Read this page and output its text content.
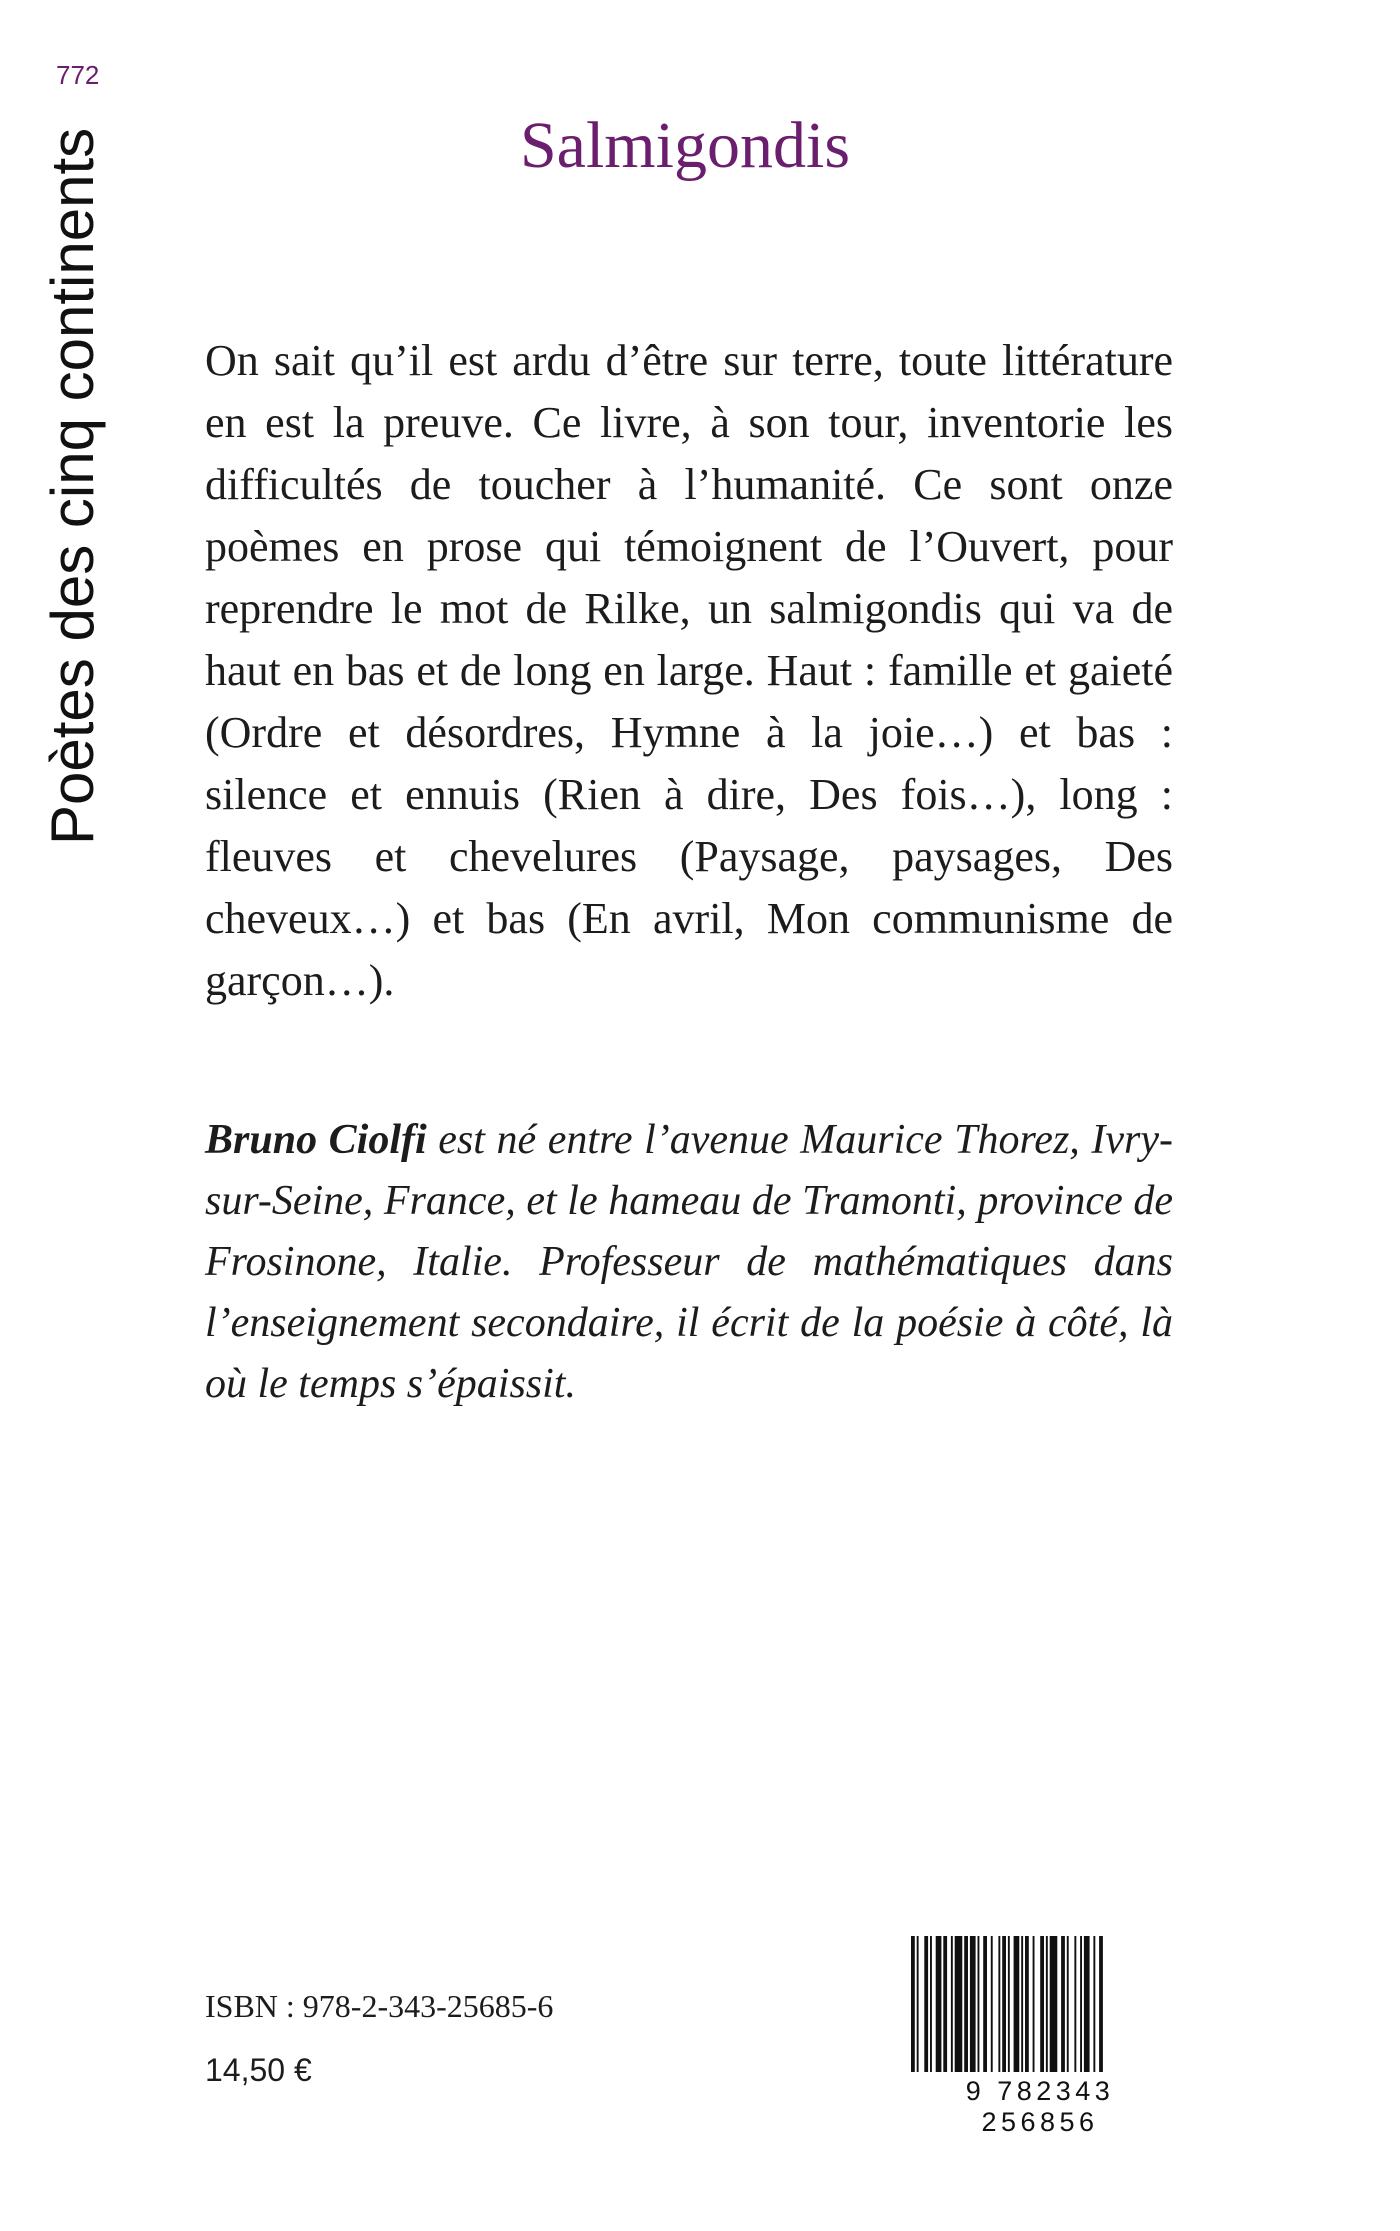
772
Poètes des cinq continents	Salmigondis

On sait qu’il est ardu d’être sur terre, toute littérature en est la preuve. Ce livre, à son tour, inventorie les difficultés de toucher à l’humanité. Ce sont onze poèmes en prose qui témoignent de l’Ouvert, pour reprendre le mot de Rilke, un salmigondis qui va de haut en bas et de long en large. Haut : famille et gaieté (Ordre et désordres, Hymne à la joie…) et bas : silence et ennuis (Rien à dire, Des fois…), long : fleuves et chevelures (Paysage, paysages, Des cheveux…) et bas (En avril, Mon communisme de garçon…).

Bruno Ciolfi est né entre l’avenue Maurice Thorez, Ivry-sur-Seine, France, et le hameau de Tramonti, province de Frosinone, Italie. Professeur de mathématiques dans l’enseignement secondaire, il écrit de la poésie à côté, là où le temps s’épaissit.

ISBN : 978-2-343-25685-6
14,50 €
9 782343 256856
